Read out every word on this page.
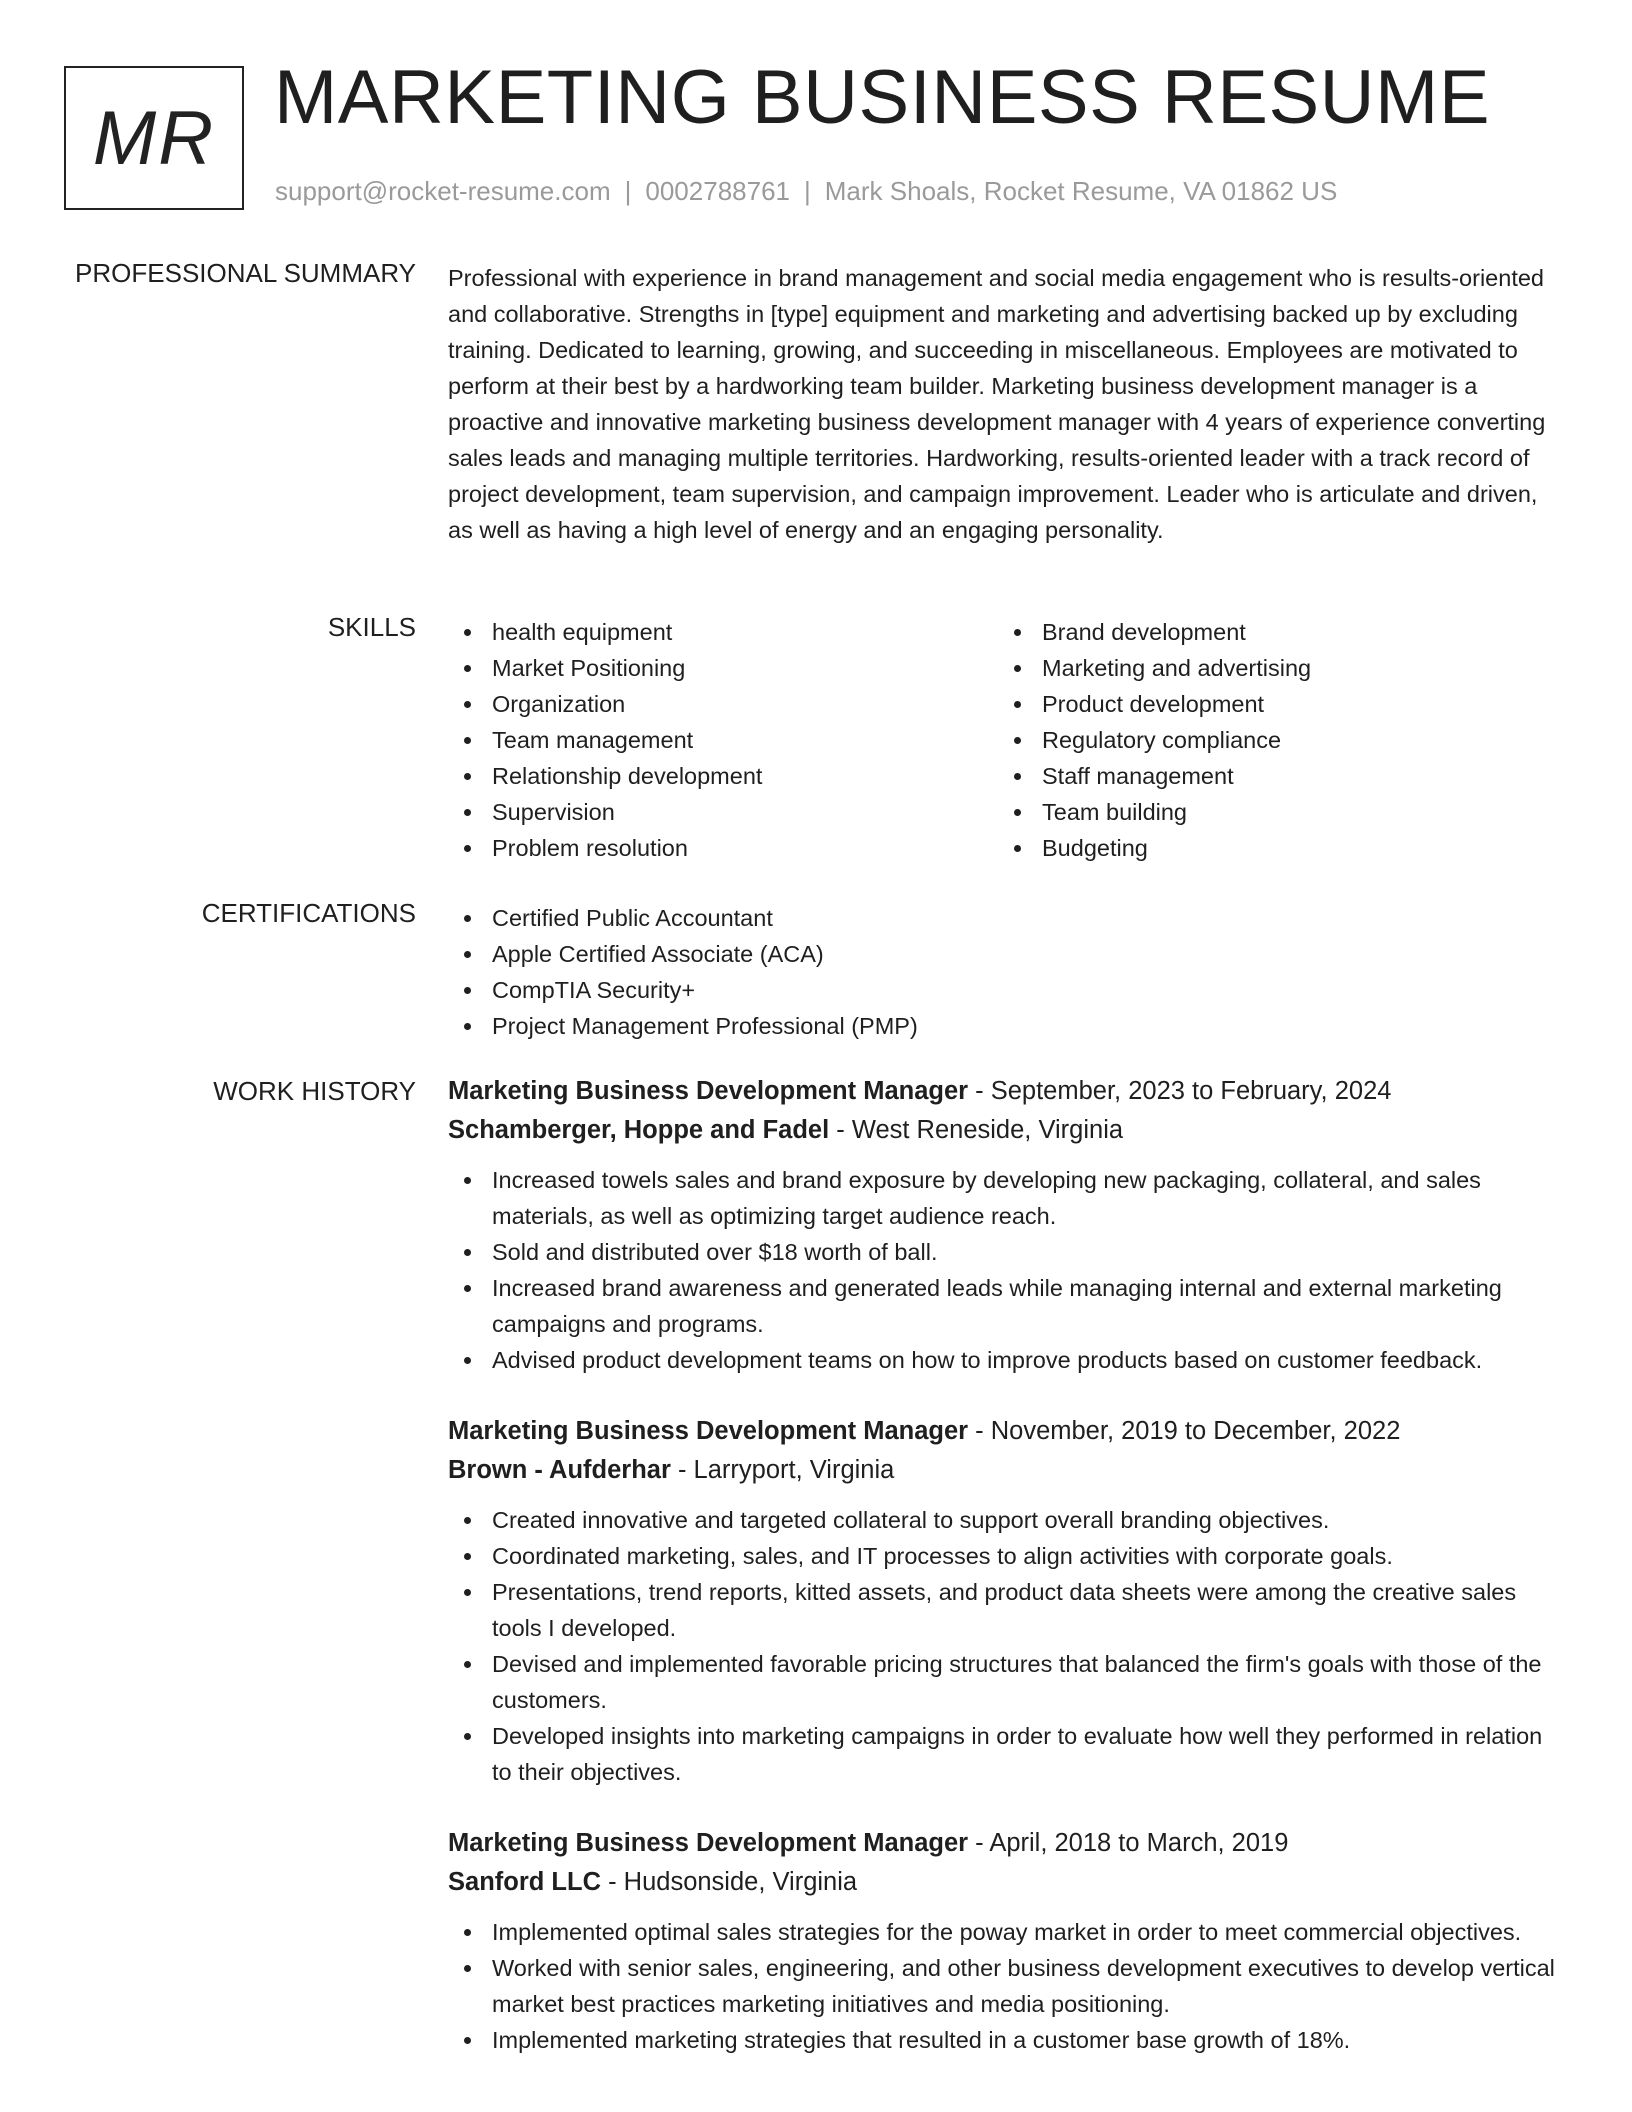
MR MARKETING BUSINESS RESUME
support@rocket-resume.com | 0002788761 | Mark Shoals, Rocket Resume, VA 01862 US
PROFESSIONAL SUMMARY Professional with experience in brand management and social media engagement who is results-oriented and collaborative. Strengths in [type] equipment and marketing and advertising backed up by excluding training. Dedicated to learning, growing, and succeeding in miscellaneous. Employees are motivated to perform at their best by a hardworking team builder. Marketing business development manager is a proactive and innovative marketing business development manager with 4 years of experience converting sales leads and managing multiple territories. Hardworking, results-oriented leader with a track record of project development, team supervision, and campaign improvement. Leader who is articulate and driven, as well as having a high level of energy and an engaging personality.
SKILLS	health equipment
Market Positioning
Organization
Team management
Relationship development
Supervision
Problem resolution
Brand development
Marketing and advertising
Product development
Regulatory compliance
Staff management
Team building
Budgeting
CERTIFICATIONS	Certified Public Accountant
Apple Certified Associate (ACA)
CompTIA Security+
Project Management Professional (PMP)
WORK HISTORY Marketing Business Development Manager - September, 2023 to February, 2024
Schamberger, Hoppe and Fadel - West Reneside, Virginia
Increased towels sales and brand exposure by developing new packaging, collateral, and sales materials, as well as optimizing target audience reach.
Sold and distributed over $18 worth of ball.
Increased brand awareness and generated leads while managing internal and external marketing campaigns and programs.
Advised product development teams on how to improve products based on customer feedback.
Marketing Business Development Manager - November, 2019 to December, 2022
Brown - Aufderhar - Larryport, Virginia
Created innovative and targeted collateral to support overall branding objectives.
Coordinated marketing, sales, and IT processes to align activities with corporate goals.
Presentations, trend reports, kitted assets, and product data sheets were among the creative sales tools I developed.
Devised and implemented favorable pricing structures that balanced the firm's goals with those of the customers.
Developed insights into marketing campaigns in order to evaluate how well they performed in relation to their objectives.
Marketing Business Development Manager - April, 2018 to March, 2019
Sanford LLC - Hudsonside, Virginia
Implemented optimal sales strategies for the poway market in order to meet commercial objectives.
Worked with senior sales, engineering, and other business development executives to develop vertical market best practices marketing initiatives and media positioning.
Implemented marketing strategies that resulted in a customer base growth of 18%.
